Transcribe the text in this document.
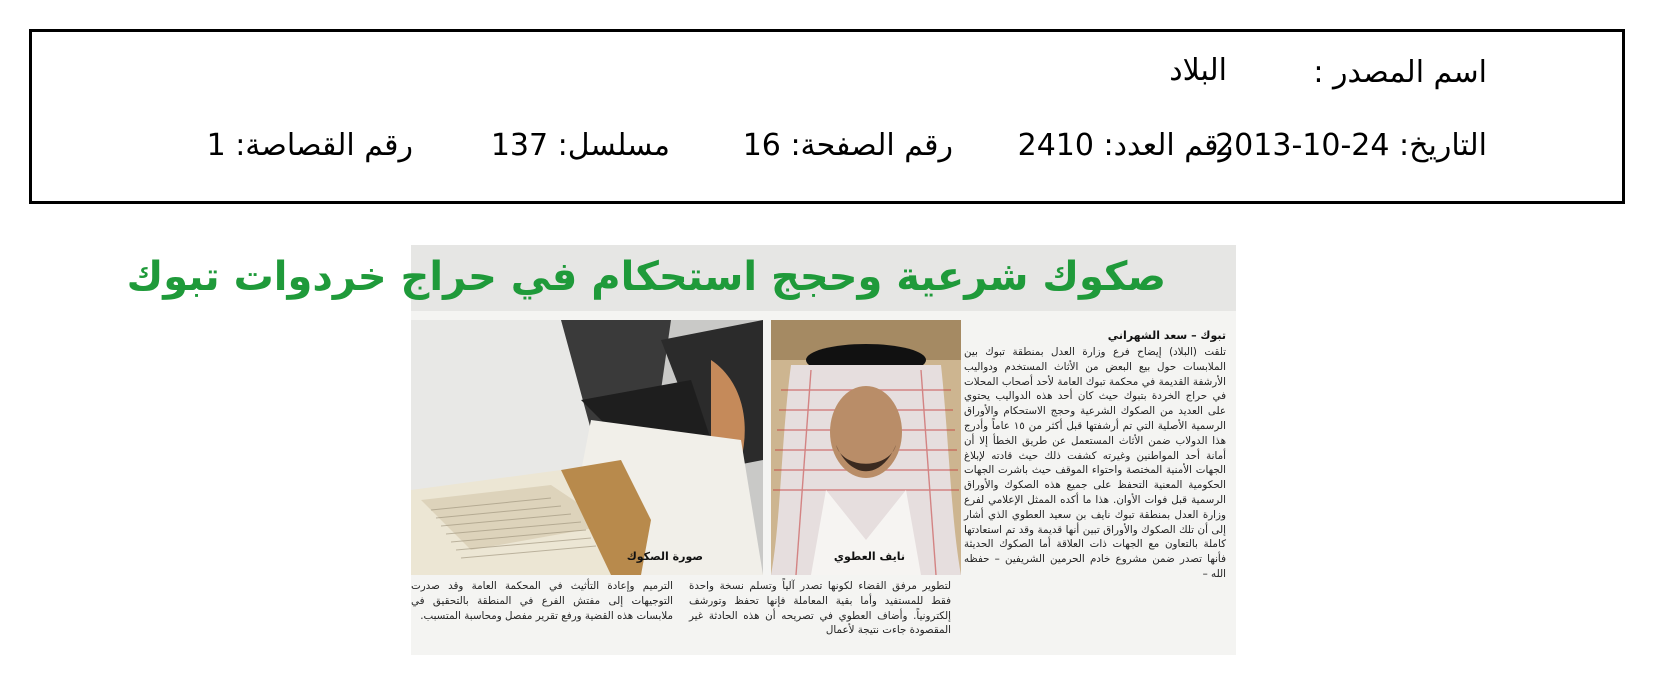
اسم المصدر :
البلاد
التاريخ: 24-10-2013
رقم العدد: 2410
رقم الصفحة: 16
مسلسل: 137
رقم القصاصة: 1
صكوك شرعية وحجج استحكام في حراج خردوات تبوك
صورة الصكوك	نايف العطوي

تبوك – سعد الشهراني

تلقت (البلاد) إيضاح فرع وزارة العدل بمنطقة تبوك بين الملابسات حول بيع البعض من الأثاث المستخدم ودواليب الأرشفة القديمة في محكمة تبوك العامة لأحد أصحاب المحلات في حراج الخردة بتبوك حيث كان أحد هذه الدواليب يحتوي على العديد من الصكوك الشرعية وحجج الاستحكام والأوراق الرسمية الأصلية التي تم أرشفتها قبل أكثر من ١٥ عاماً وأدرج هذا الدولاب ضمن الأثاث المستعمل عن طريق الخطأ إلا أن أمانة أحد المواطنين وغيرته كشفت ذلك حيث قادته لإبلاغ الجهات الأمنية المختصة واحتواء الموقف حيث باشرت الجهات الحكومية المعنية التحفظ على جميع هذه الصكوك والأوراق الرسمية قبل فوات الأوان. هذا ما أكده الممثل الإعلامي لفرع وزارة العدل بمنطقة تبوك نايف بن سعيد العطوي الذي أشار إلى أن تلك الصكوك والأوراق تبين أنها قديمة وقد تم استعادتها كاملة بالتعاون مع الجهات ذات العلاقة أما الصكوك الحديثة فأنها تصدر ضمن مشروع خادم الحرمين الشريفين – حفظه الله –

لتطوير مرفق القضاء لكونها تصدر آلياً وتسلم نسخة واحدة فقط للمستفيد وأما بقية المعاملة فإنها تحفظ وتورشف إلكترونياً. وأضاف العطوي في تصريحه أن هذه الحادثة غير المقصودة جاءت نتيجة لأعمال

الترميم وإعادة التأثيث في المحكمة العامة وقد صدرت التوجيهات إلى مفتش الفرع في المنطقة بالتحقيق في ملابسات هذه القضية ورفع تقرير مفصل ومحاسبة المتسبب.
